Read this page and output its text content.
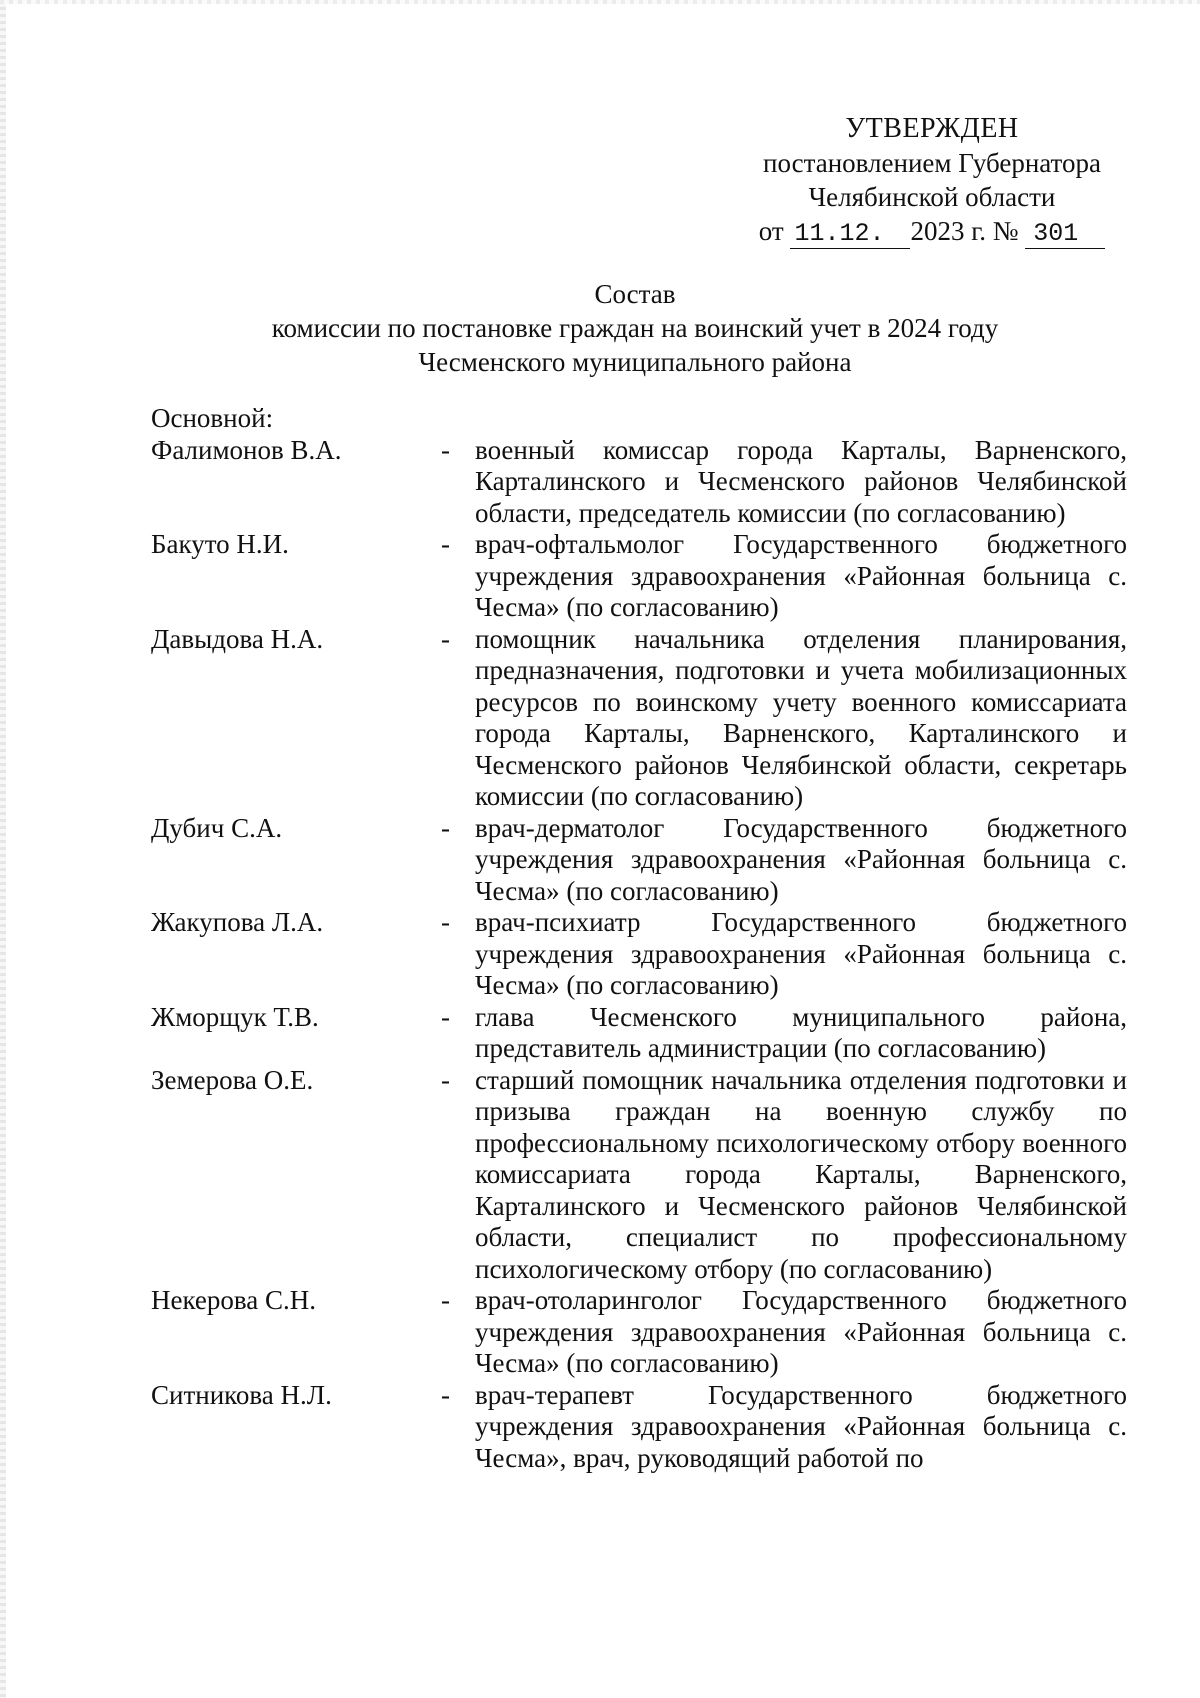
УТВЕРЖДЕН
постановлением Губернатора
Челябинской области
от 11.12. 2023 г. № 301
Состав
комиссии по постановке граждан на воинский учет в 2024 году
Чесменского муниципального района
Основной:
Фалимонов В.А.	- военный комиссар города Карталы, Варненского, Карталинского и Чесменского районов Челябинской области, председатель комиссии (по согласованию)
Бакуто Н.И.	- врач-офтальмолог Государственного бюджетного учреждения здравоохранения «Районная больница с. Чесма» (по согласованию)
Давыдова Н.А.	- помощник начальника отделения планирования, предназначения, подготовки и учета мобилизационных ресурсов по воинскому учету военного комиссариата города Карталы, Варненского, Карталинского и Чесменского районов Челябинской области, секретарь комиссии (по согласованию)
Дубич С.А.	- врач-дерматолог Государственного бюджетного учреждения здравоохранения «Районная больница с. Чесма» (по согласованию)
Жакупова Л.А.	- врач-психиатр Государственного бюджетного учреждения здравоохранения «Районная больница с. Чесма» (по согласованию)
Жморщук Т.В.	- глава Чесменского муниципального района, представитель администрации (по согласованию)
Земерова О.Е.	- старший помощник начальника отделения подготовки и призыва граждан на военную службу по профессиональному психологическому отбору военного комиссариата города Карталы, Варненского, Карталинского и Чесменского районов Челябинской области, специалист по профессиональному психологическому отбору (по согласованию)
Некерова С.Н.	- врач-отоларинголог Государственного бюджетного учреждения здравоохранения «Районная больница с. Чесма» (по согласованию)
Ситникова Н.Л.	- врач-терапевт Государственного бюджетного учреждения здравоохранения «Районная больница с. Чесма», врач, руководящий работой по
